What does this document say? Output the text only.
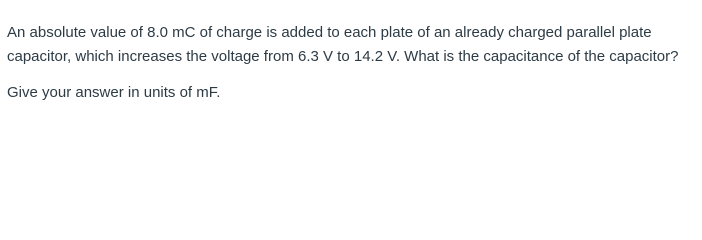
An absolute value of 8.0 mC of charge is added to each plate of an already charged parallel plate capacitor, which increases the voltage from 6.3 V to 14.2 V. What is the capacitance of the capacitor?

Give your answer in units of mF.
